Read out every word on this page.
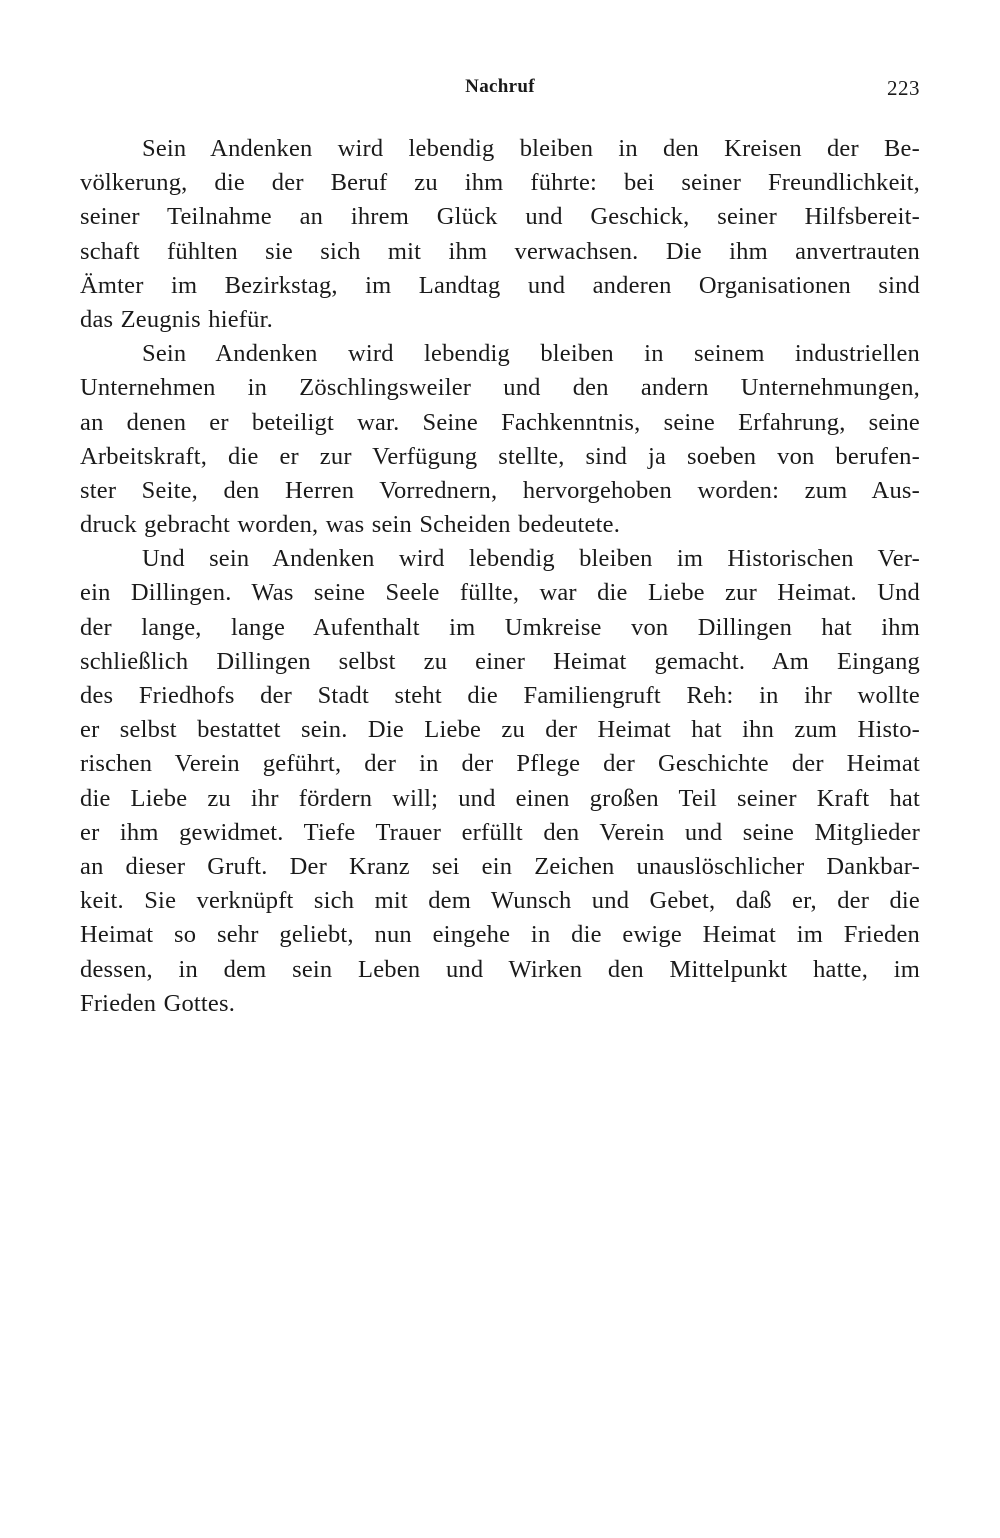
Nachruf	223
Sein Andenken wird lebendig bleiben in den Kreisen der Be-
völkerung, die der Beruf zu ihm führte: bei seiner Freundlichkeit,
seiner Teilnahme an ihrem Glück und Geschick, seiner Hilfsbereit-
schaft fühlten sie sich mit ihm verwachsen. Die ihm anvertrauten
Ämter im Bezirkstag, im Landtag und anderen Organisationen sind
das Zeugnis hiefür.
Sein Andenken wird lebendig bleiben in seinem industriellen
Unternehmen in Zöschlingsweiler und den andern Unternehmungen,
an denen er beteiligt war. Seine Fachkenntnis, seine Erfahrung, seine
Arbeitskraft, die er zur Verfügung stellte, sind ja soeben von berufen-
ster Seite, den Herren Vorrednern, hervorgehoben worden: zum Aus-
druck gebracht worden, was sein Scheiden bedeutete.
Und sein Andenken wird lebendig bleiben im Historischen Ver-
ein Dillingen. Was seine Seele füllte, war die Liebe zur Heimat. Und
der lange, lange Aufenthalt im Umkreise von Dillingen hat ihm
schließlich Dillingen selbst zu einer Heimat gemacht. Am Eingang
des Friedhofs der Stadt steht die Familiengruft Reh: in ihr wollte
er selbst bestattet sein. Die Liebe zu der Heimat hat ihn zum Histo-
rischen Verein geführt, der in der Pflege der Geschichte der Heimat
die Liebe zu ihr fördern will; und einen großen Teil seiner Kraft hat
er ihm gewidmet. Tiefe Trauer erfüllt den Verein und seine Mitglieder
an dieser Gruft. Der Kranz sei ein Zeichen unauslöschlicher Dankbar-
keit. Sie verknüpft sich mit dem Wunsch und Gebet, daß er, der die
Heimat so sehr geliebt, nun eingehe in die ewige Heimat im Frieden
dessen, in dem sein Leben und Wirken den Mittelpunkt hatte, im
Frieden Gottes.
